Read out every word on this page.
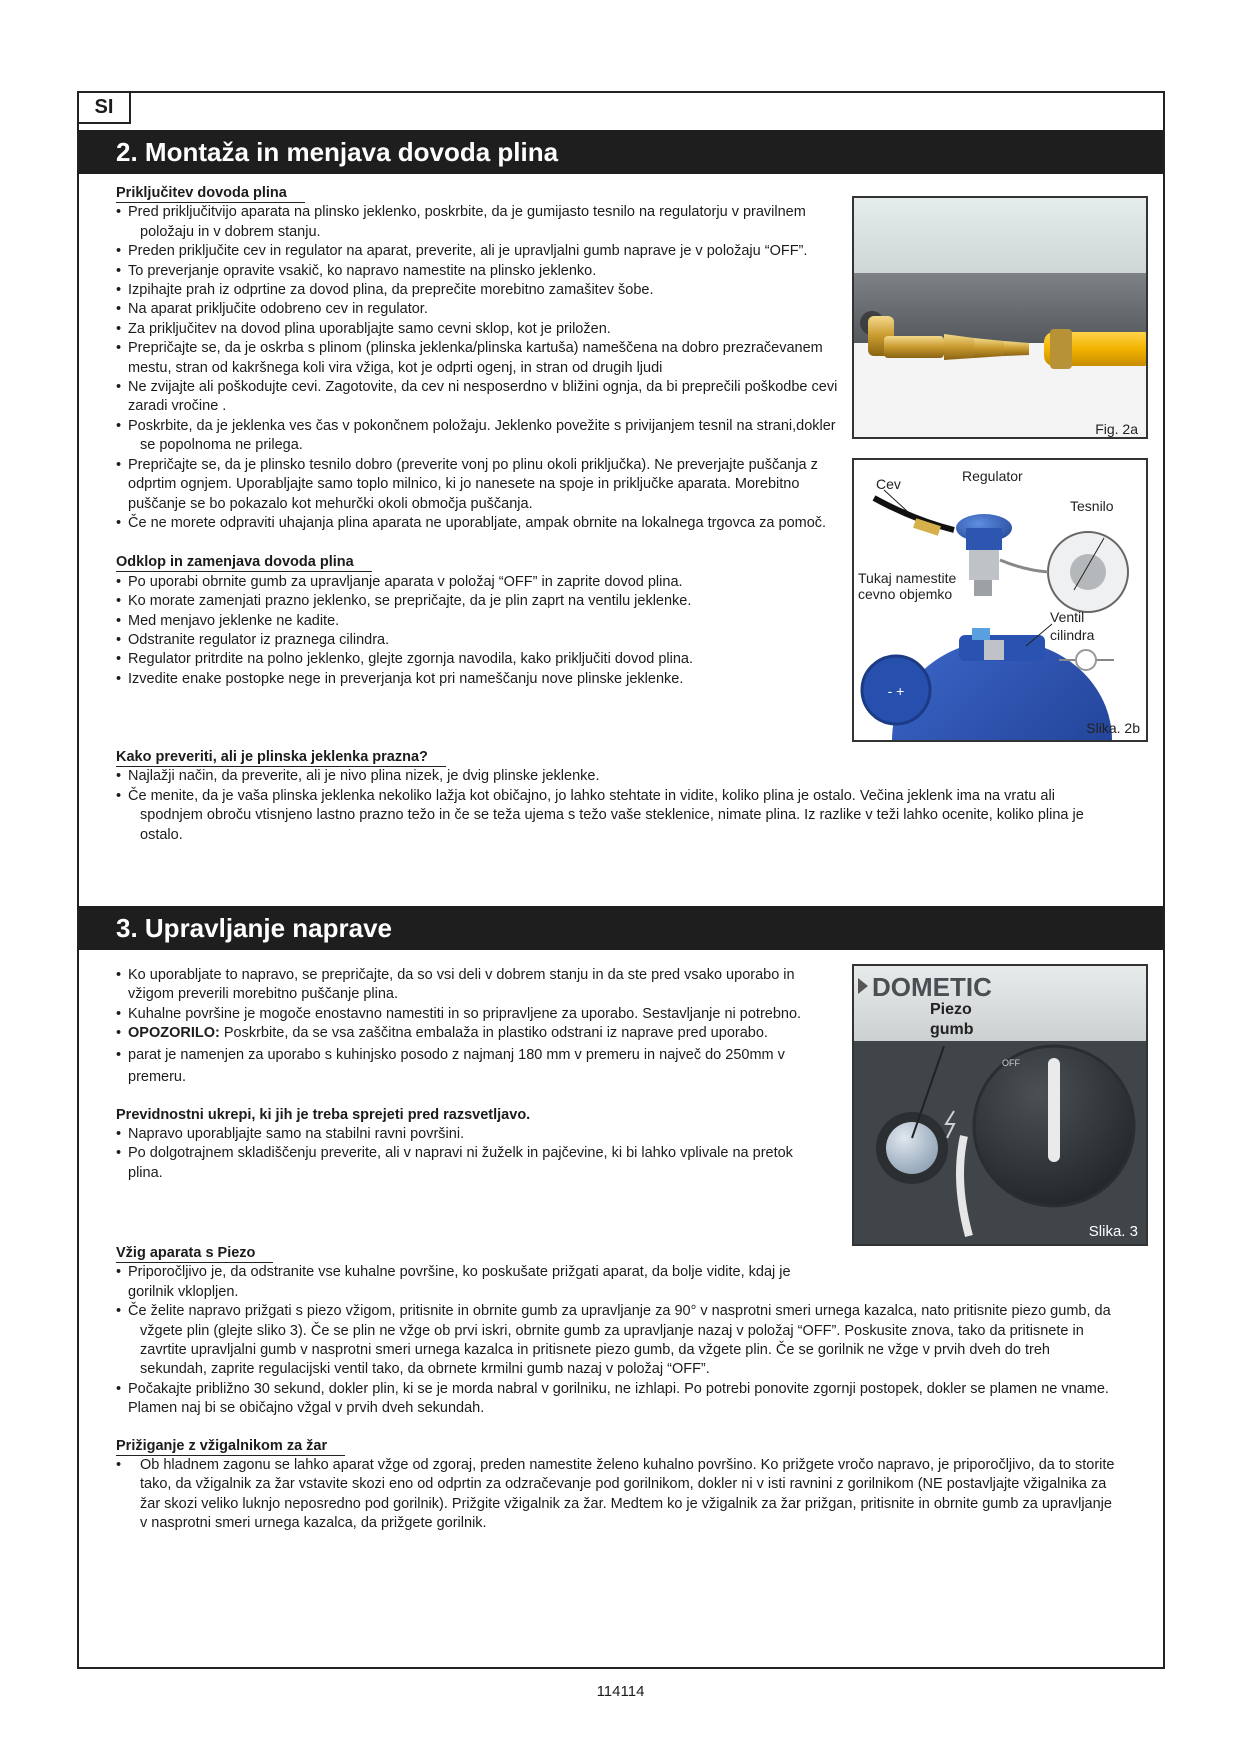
SI
2. Montaža in menjava dovoda plina
Priključitev dovoda plina
• Pred priključitvijo aparata na plinsko jeklenko, poskrbite, da je gumijasto tesnilo na regulatorju v pravilnem položaju in v dobrem stanju.
• Preden priključite cev in regulator na aparat, preverite, ali je upravljalni gumb naprave je v položaju “OFF”.
• To preverjanje opravite vsakič, ko napravo namestite na plinsko jeklenko.
• Izpihajte prah iz odprtine za dovod plina, da preprečite morebitno zamašitev šobe.
• Na aparat priključite odobreno cev in regulator.
• Za priključitev na dovod plina uporabljajte samo cevni sklop, kot je priložen.
• Prepričajte se, da je oskrba s plinom (plinska jeklenka/plinska kartuša) nameščena na dobro prezračevanem mestu, stran od kakršnega koli vira vžiga, kot je odprti ogenj, in stran od drugih ljudi
• Ne zvijajte ali poškodujte cevi. Zagotovite, da cev ni nesposerdno v bližini ognja, da bi preprečili poškodbe cevi zaradi vročine .
• Poskrbite, da je jeklenka ves čas v pokončnem položaju. Jeklenko povežite s privijanjem tesnil na strani,dokler se popolnoma ne prilega.
• Prepričajte se, da je plinsko tesnilo dobro (preverite vonj po plinu okoli priključka). Ne preverjajte puščanja z odprtim ognjem. Uporabljajte samo toplo milnico, ki jo nanesete na spoje in priključke aparata. Morebitno puščanje se bo pokazalo kot mehurčki okoli območja puščanja.
• Če ne morete odpraviti uhajanja plina aparata ne uporabljate, ampak obrnite na lokalnega trgovca za pomoč.
Odklop in zamenjava dovoda plina
• Po uporabi obrnite gumb za upravljanje aparata v položaj “OFF” in zaprite dovod plina.
• Ko morate zamenjati prazno jeklenko, se prepričajte, da je plin zaprt na ventilu jeklenke.
• Med menjavo jeklenke ne kadite.
• Odstranite regulator iz praznega cilindra.
• Regulator pritrdite na polno jeklenko, glejte zgornja navodila, kako priključiti dovod plina.
• Izvedite enake postopke nege in preverjanja kot pri nameščanju nove plinske jeklenke.
Kako preveriti, ali je plinska jeklenka prazna?
• Najlažji način, da preverite, ali je nivo plina nizek, je dvig plinske jeklenke.
• Če menite, da je vaša plinska jeklenka nekoliko lažja kot običajno, jo lahko stehtate in vidite, koliko plina je ostalo. Večina jeklenk ima na vratu ali spodnjem obroču vtisnjeno lastno prazno težo in če se teža ujema s težo vaše steklenice, nimate plina. Iz razlike v teži lahko ocenite, koliko plina je ostalo.
Fig. 2a
- +
Cev	Regulator
Tesnilo
Tukaj namestite cevno objemko
Ventil cilindra
Slika. 2b
3. Upravljanje naprave
• Ko uporabljate to napravo, se prepričajte, da so vsi deli v dobrem stanju in da ste pred vsako uporabo in vžigom preverili morebitno puščanje plina.
• Kuhalne površine je mogoče enostavno namestiti in so pripravljene za uporabo. Sestavljanje ni potrebno.
• OPOZORILO: Poskrbite, da se vsa zaščitna embalaža in plastiko odstrani iz naprave pred uporabo.
• parat je namenjen za uporabo s kuhinjsko posodo z najmanj 180 mm v premeru in največ do 250mm v premeru.
Previdnostni ukrepi, ki jih je treba sprejeti pred razsvetljavo.
• Napravo uporabljajte samo na stabilni ravni površini.
• Po dolgotrajnem skladiščenju preverite, ali v napravi ni žuželk in pajčevine, ki bi lahko vplivale na pretok plina.
Vžig aparata s Piezo
• Priporočljivo je, da odstranite vse kuhalne površine, ko poskušate prižgati aparat, da bolje vidite, kdaj je gorilnik vklopljen.
• Če želite napravo prižgati s piezo vžigom, pritisnite in obrnite gumb za upravljanje za 90° v nasprotni smeri urnega kazalca, nato pritisnite piezo gumb, da vžgete plin (glejte sliko 3). Če se plin ne vžge ob prvi iskri, obrnite gumb za upravljanje nazaj v položaj “OFF”. Poskusite znova, tako da pritisnete in zavrtite upravljalni gumb v nasprotni smeri urnega kazalca in pritisnete piezo gumb, da vžgete plin. Če se gorilnik ne vžge v prvih dveh do treh sekundah, zaprite regulacijski ventil tako, da obrnete krmilni gumb nazaj v položaj “OFF”.
• Počakajte približno 30 sekund, dokler plin, ki se je morda nabral v gorilniku, ne izhlapi. Po potrebi ponovite zgornji postopek, dokler se plamen ne vname. Plamen naj bi se običajno vžgal v prvih dveh sekundah.
Prižiganje z vžigalnikom za žar
• Ob hladnem zagonu se lahko aparat vžge od zgoraj, preden namestite želeno kuhalno površino. Ko prižgete vročo napravo, je priporočljivo, da to storite tako, da vžigalnik za žar vstavite skozi eno od odprtin za odzračevanje pod gorilnikom, dokler ni v isti ravnini z gorilnikom (NE postavljajte vžigalnika za žar skozi veliko luknjo neposredno pod gorilnik). Prižgite vžigalnik za žar. Medtem ko je vžigalnik za žar prižgan, pritisnite in obrnite gumb za upravljanje v nasprotni smeri urnega kazalca, da prižgete gorilnik.
DOMETIC
OFF
Piezo gumb
Slika. 3
114114
